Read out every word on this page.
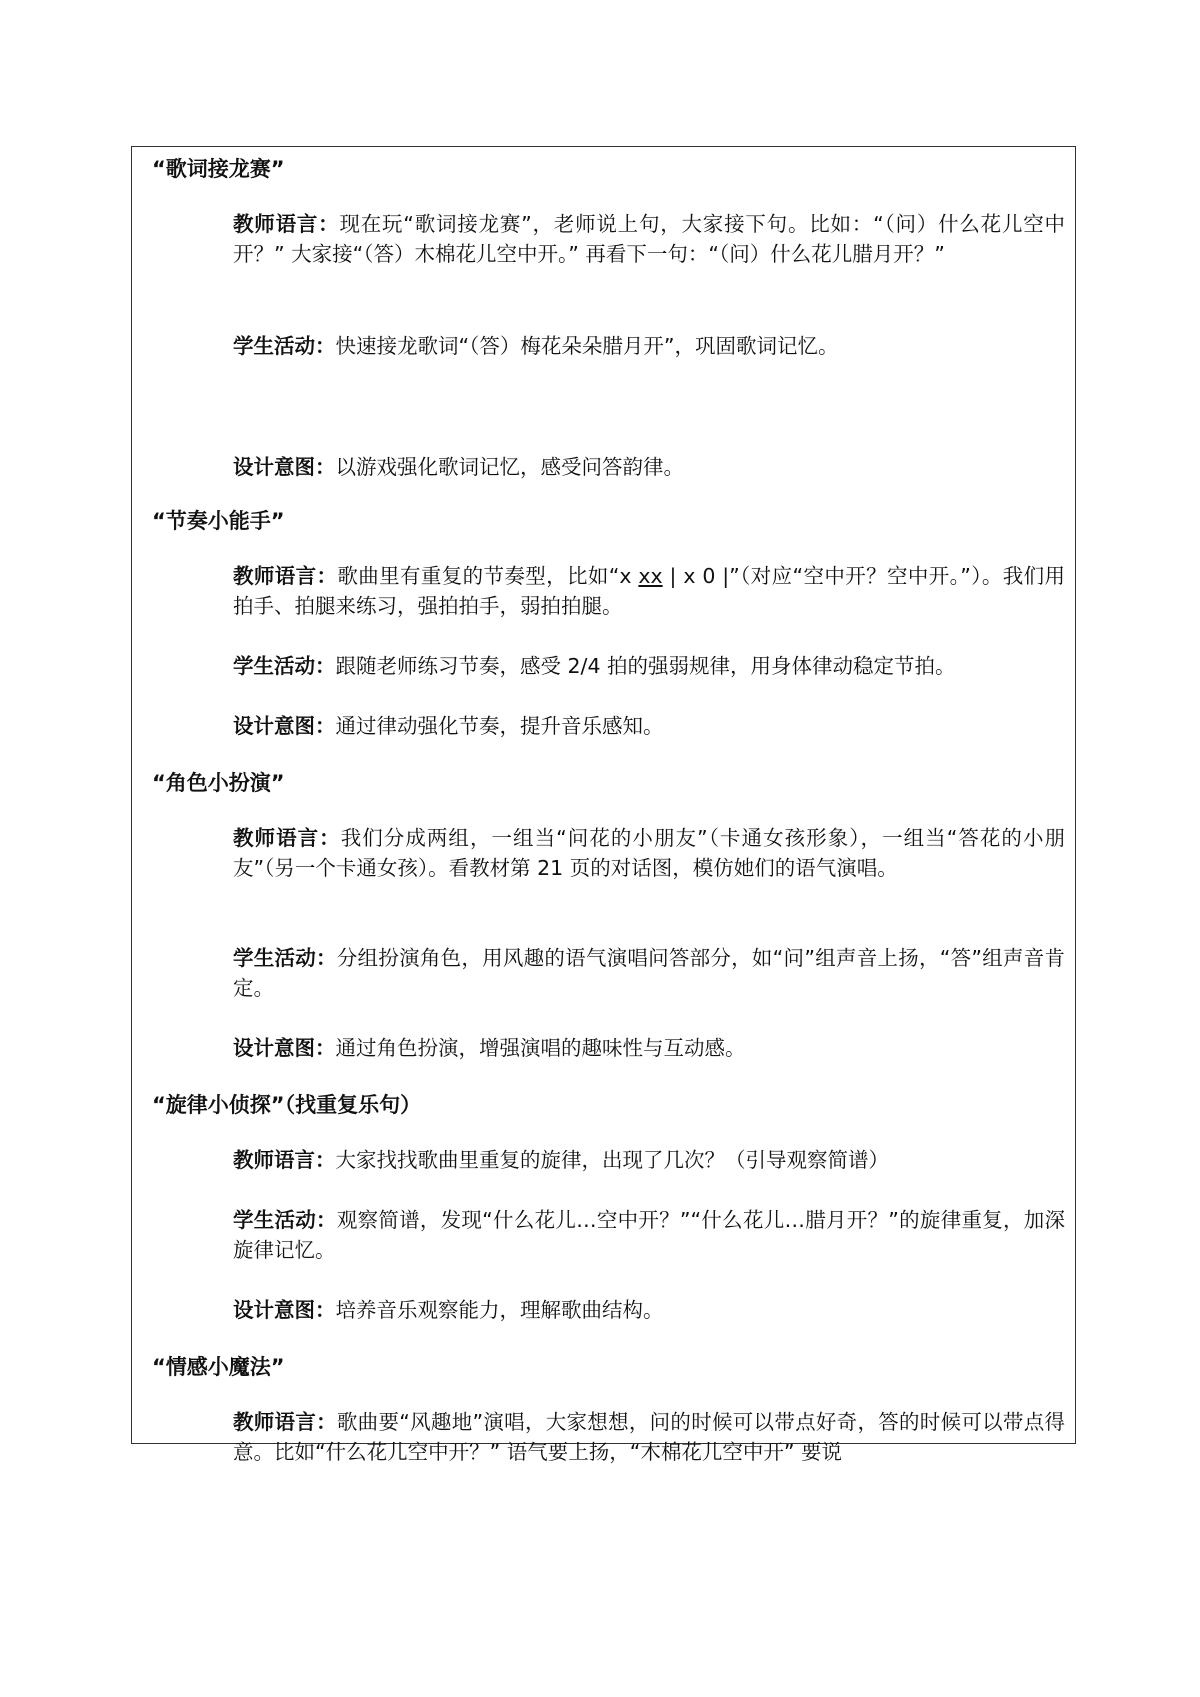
“歌词接龙赛”
教师语言：现在玩“歌词接龙赛”，老师说上句，大家接下句。比如：“（问）什么花儿空中开？” 大家接“（答）木棉花儿空中开。” 再看下一句：“（问）什么花儿腊月开？”
学生活动：快速接龙歌词“（答）梅花朵朵腊月开”，巩固歌词记忆。
设计意图：以游戏强化歌词记忆，感受问答韵律。
“节奏小能手”
教师语言：歌曲里有重复的节奏型，比如“x xx | x 0 |”（对应“空中开？空中开。”）。我们用拍手、拍腿来练习，强拍拍手，弱拍拍腿。
学生活动：跟随老师练习节奏，感受 2/4 拍的强弱规律，用身体律动稳定节拍。
设计意图：通过律动强化节奏，提升音乐感知。
“角色小扮演”
教师语言：我们分成两组，一组当“问花的小朋友”（卡通女孩形象），一组当“答花的小朋友”（另一个卡通女孩）。看教材第 21 页的对话图，模仿她们的语气演唱。
学生活动：分组扮演角色，用风趣的语气演唱问答部分，如“问”组声音上扬，“答”组声音肯定。
设计意图：通过角色扮演，增强演唱的趣味性与互动感。
“旋律小侦探”（找重复乐句）
教师语言：大家找找歌曲里重复的旋律，出现了几次？（引导观察简谱）
学生活动：观察简谱，发现“什么花儿…空中开？”“什么花儿…腊月开？”的旋律重复，加深旋律记忆。
设计意图：培养音乐观察能力，理解歌曲结构。
“情感小魔法”
教师语言：歌曲要“风趣地”演唱，大家想想，问的时候可以带点好奇，答的时候可以带点得意。比如“什么花儿空中开？” 语气要上扬，“木棉花儿空中开” 要说
